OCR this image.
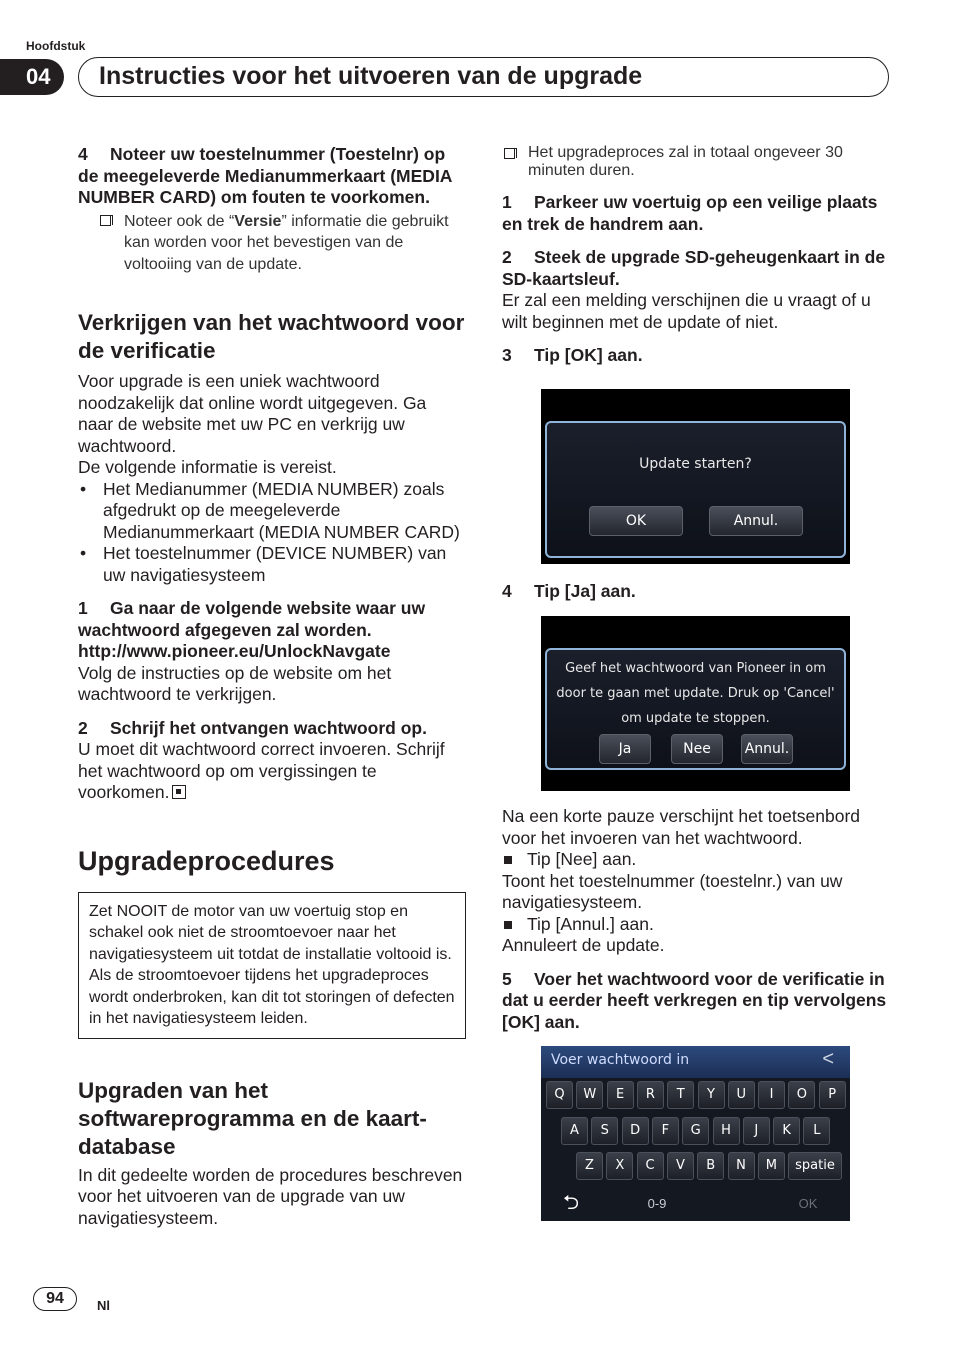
Hoofdstuk
04	Instructies voor het uitvoeren van de upgrade
4 Noteer uw toestelnummer (Toestelnr) op de meegeleverde Medianummerkaart (MEDIA NUMBER CARD) om fouten te voorkomen.
Noteer ook de “Versie” informatie die gebruikt kan worden voor het bevestigen van de voltooiing van de update.
Verkrijgen van het wachtwoord voor de verificatie

Voor upgrade is een uniek wachtwoord noodzakelijk dat online wordt uitgegeven. Ga naar de website met uw PC en verkrijg uw wachtwoord.

De volgende informatie is vereist.

• Het Medianummer (MEDIA NUMBER) zoals afgedrukt op de meegeleverde Medianummerkaart (MEDIA NUMBER CARD)
• Het toestelnummer (DEVICE NUMBER) van uw navigatiesysteem
1 Ga naar de volgende website waar uw wachtwoord afgegeven zal worden.
http://www.pioneer.eu/UnlockNavgate

Volg de instructies op de website om het wachtwoord te verkrijgen.

2 Schrijf het ontvangen wachtwoord op.

U moet dit wachtwoord correct invoeren. Schrijf het wachtwoord op om vergissingen te voorkomen.

Upgradeprocedures
Zet NOOIT de motor van uw voertuig stop en schakel ook niet de stroomtoevoer naar het navigatiesysteem uit totdat de installatie voltooid is. Als de stroomtoevoer tijdens het upgradeproces wordt onderbroken, kan dit tot storingen of defecten in het navigatiesysteem leiden.
Upgraden van het softwareprogramma en de kaart-database

In dit gedeelte worden de procedures beschreven voor het uitvoeren van de upgrade van uw navigatiesysteem.

Het upgradeproces zal in totaal ongeveer 30 minuten duren.
1 Parkeer uw voertuig op een veilige plaats en trek de handrem aan.
2 Steek de upgrade SD-geheugenkaart in de SD-kaartsleuf.

Er zal een melding verschijnen die u vraagt of u wilt beginnen met de update of niet.

3 Tip [OK] aan.
Update starten?
OK	Annul.
4 Tip [Ja] aan.
Geef het wachtwoord van Pioneer in om
door te gaan met update. Druk op 'Cancel'
om update te stoppen.
Ja	Nee	Annul.

Na een korte pauze verschijnt het toetsenbord voor het invoeren van het wachtwoord.

Tip [Nee] aan.

Toont het toestelnummer (toestelnr.) van uw navigatiesysteem.

Tip [Annul.] aan.

Annuleert de update.

5 Voer het wachtwoord voor de verificatie in dat u eerder heeft verkregen en tip vervolgens [OK] aan.
Voer wachtwoord in	<
Q	W	E	R	T	Y	U	I	O	P
A	S	D	F	G	H	J	K	L
Z	X	C	V	B	N	M	spatie
⮌	0-9	OK
94	Nl
